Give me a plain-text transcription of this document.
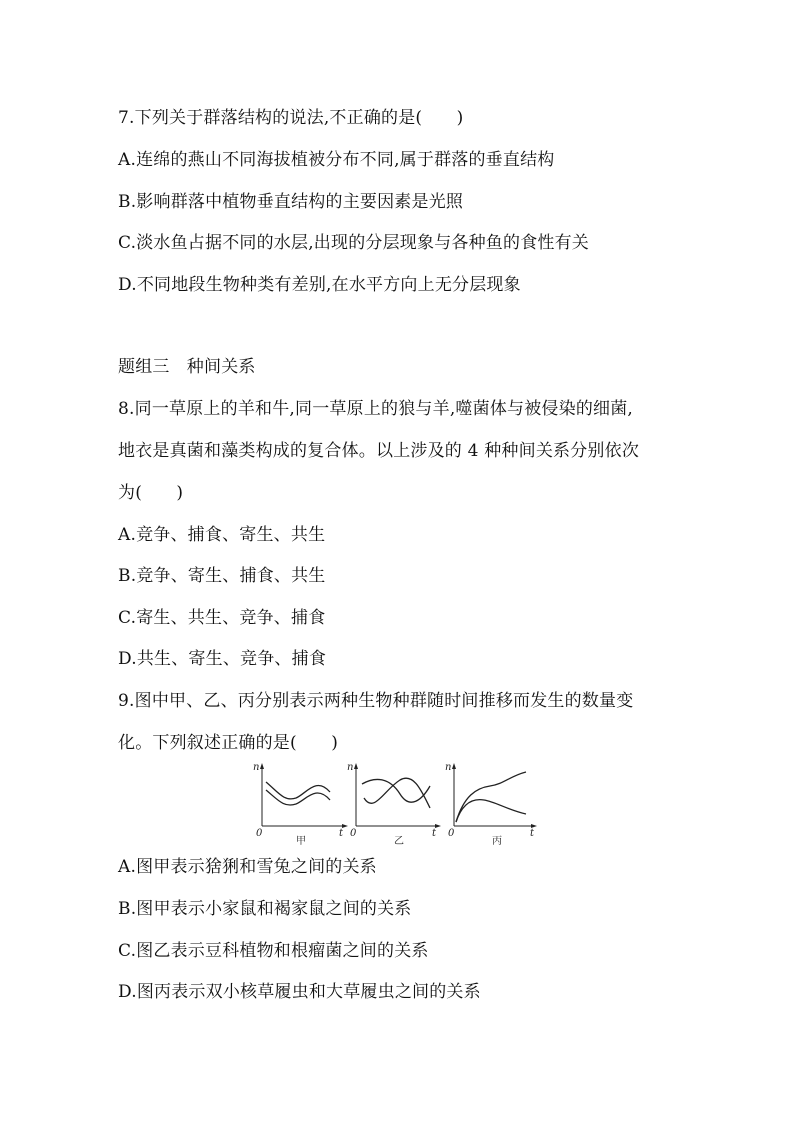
7.下列关于群落结构的说法,不正确的是(　　)
A.连绵的燕山不同海拔植被分布不同,属于群落的垂直结构
B.影响群落中植物垂直结构的主要因素是光照
C.淡水鱼占据不同的水层,出现的分层现象与各种鱼的食性有关
D.不同地段生物种类有差别,在水平方向上无分层现象
题组三　种间关系
8.同一草原上的羊和牛,同一草原上的狼与羊,噬菌体与被侵染的细菌,
地衣是真菌和藻类构成的复合体。以上涉及的 4 种种间关系分别依次
为(　　)
A.竞争、捕食、寄生、共生
B.竞争、寄生、捕食、共生
C.寄生、共生、竞争、捕食
D.共生、寄生、竞争、捕食
9.图中甲、乙、丙分别表示两种生物种群随时间推移而发生的数量变
化。下列叙述正确的是(　　)
n
t
0
甲
n
t
0
乙
n
t
0
丙
A.图甲表示猞猁和雪兔之间的关系
B.图甲表示小家鼠和褐家鼠之间的关系
C.图乙表示豆科植物和根瘤菌之间的关系
D.图丙表示双小核草履虫和大草履虫之间的关系
